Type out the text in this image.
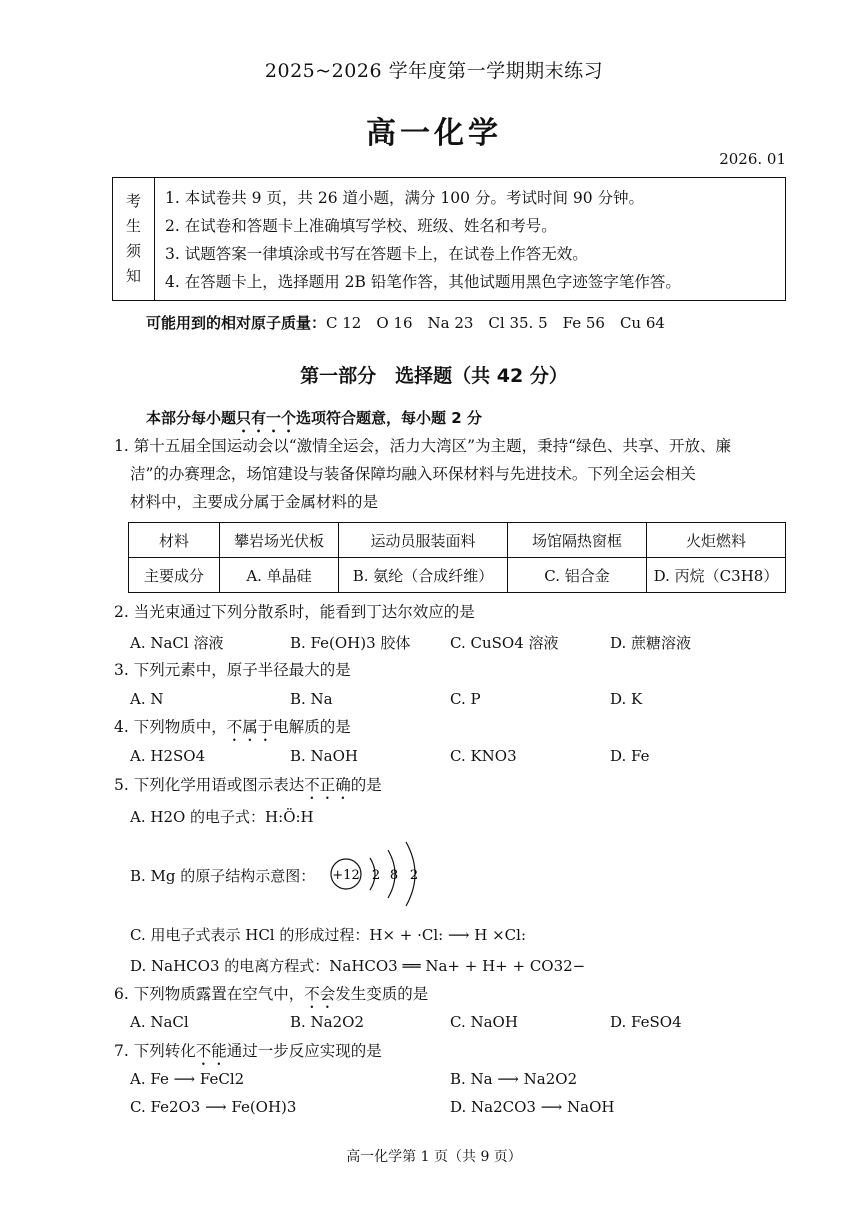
2025~2026 学年度第一学期期末练习
高一化学
2026. 01
考
生
须
知
1. 本试卷共 9 页，共 26 道小题，满分 100 分。考试时间 90 分钟。
2. 在试卷和答题卡上准确填写学校、班级、姓名和考号。
3. 试题答案一律填涂或书写在答题卡上，在试卷上作答无效。
4. 在答题卡上，选择题用 2B 铅笔作答，其他试题用黑色字迹签字笔作答。
可能用到的相对原子质量：C 12　O 16　Na 23　Cl 35. 5　Fe 56　Cu 64
第一部分　选择题（共 42 分）
本部分每小题只有一个选项符合题意，每小题 2 分
1. 第十五届全国运动会以“激情全运会，活力大湾区”为主题，秉持“绿色、共享、开放、廉
洁”的办赛理念，场馆建设与装备保障均融入环保材料与先进技术。下列全运会相关
材料中，主要成分属于金属材料的是
材料	攀岩场光伏板	运动员服装面料	场馆隔热窗框	火炬燃料
主要成分	A. 单晶硅	B. 氨纶（合成纤维）	C. 铝合金	D. 丙烷（C3H8）
2. 当光束通过下列分散系时，能看到丁达尔效应的是
A. NaCl 溶液	B. Fe(OH)3 胶体	C. CuSO4 溶液	D. 蔗糖溶液
3. 下列元素中，原子半径最大的是
A. N	B. Na	C. P	D. K
4. 下列物质中，不属于电解质的是
A. H2SO4	B. NaOH	C. KNO3	D. Fe
5. 下列化学用语或图示表达不正确的是
A. H2O 的电子式：H:Ö:H
B. Mg 的原子结构示意图： +12 2 8 2
C. 用电子式表示 HCl 的形成过程：H× + ·Cl: ⟶ H ×Cl:
D. NaHCO3 的电离方程式：NaHCO3 ══ Na+ + H+ + CO32−
6. 下列物质露置在空气中，不会发生变质的是
A. NaCl	B. Na2O2	C. NaOH	D. FeSO4
7. 下列转化不能通过一步反应实现的是
A. Fe ⟶ FeCl2	B. Na ⟶ Na2O2
C. Fe2O3 ⟶ Fe(OH)3	D. Na2CO3 ⟶ NaOH
高一化学第 1 页（共 9 页）
